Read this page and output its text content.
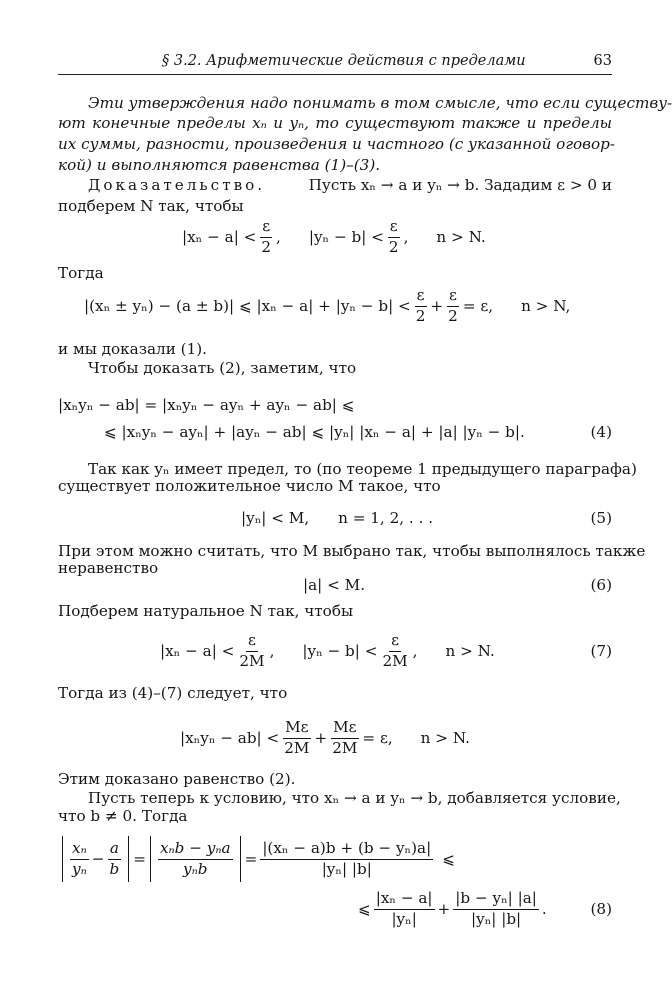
§ 3.2. Арифметические действия с пределами	63
Эти утверждения надо понимать в том смысле, что если существу-
ют конечные пределы xₙ и yₙ, то существуют также и пределы
их суммы, разности, произведения и частного (с указанной оговор-
кой) и выполняются равенства (1)–(3).
Доказательство.	Пусть xₙ → a и yₙ → b. Зададим ε > 0 и
подберем N так, чтобы
$|x_n - a| < \frac{\varepsilon}{2}$ , $|y_n - b| < \frac{\varepsilon}{2}$ , n > N.
Тогда
|(xₙ ± yₙ) − (a ± b)| ⩽ $|x_n - a| + |y_n - b| < \frac{\varepsilon}{2} + \frac{\varepsilon}{2} = \varepsilon$, n > N,
и мы доказали (1).
Чтобы доказать (2), заметим, что
|xₙyₙ − ab| = |xₙyₙ − ayₙ + ayₙ − ab| ⩽
⩽ |xₙyₙ − ayₙ| + |ayₙ − ab| ⩽ |yₙ| |xₙ − a| + |a| |yₙ − b|.	(4)
Так как yₙ имеет предел, то (по теореме 1 предыдущего параграфа)
существует положительное число M такое, что
|yₙ| < M,      n = 1, 2, . . .	(5)
При этом можно считать, что M выбрано так, чтобы выполнялось также
неравенство
|a| < M.	(6)
Подберем натуральное N так, чтобы
$|x_n - a| < \frac{\varepsilon}{2M}$ , $|y_n - b| < \frac{\varepsilon}{2M}$ , n > N.	(7)
Тогда из (4)–(7) следует, что
$|x_ny_n - ab| < \frac{M\varepsilon}{2M} + \frac{M\varepsilon}{2M} = \varepsilon$, n > N.
Этим доказано равенство (2).
Пусть теперь к условию, что xₙ → a и yₙ → b, добавляется условие,
что b ≠ 0. Тогда
$\frac{\text{xₙ}}{\text{yₙ}} - \frac{a}{b} = \frac{\text{xₙb − yₙa}}{\text{yₙb}} = \frac{\text{|(xₙ − a)b + (b − yₙ)a|}}{\text{|yₙ| |b|}}$ ⩽
⩽ $\frac{\text{|xₙ − a|}}{\text{|yₙ|}} + \frac{\text{|b − yₙ| |a|}}{\text{|yₙ| |b|}}$ .	(8)
